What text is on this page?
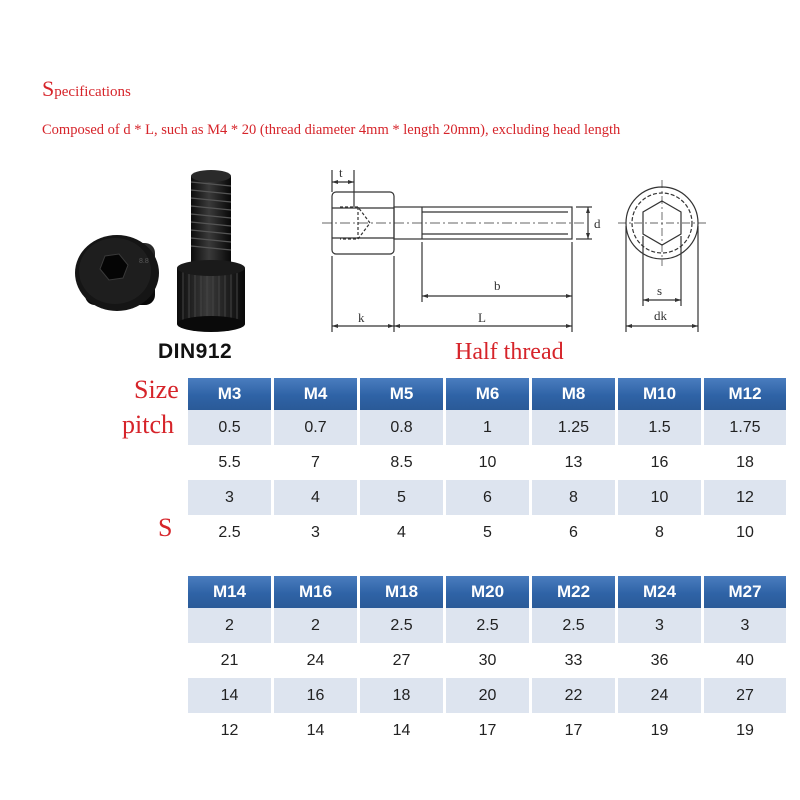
Specifications
Composed of d * L, such as M4 * 20 (thread diameter 4mm * length 20mm), excluding head length
8.8
DIN912
t
d
b
k	L
s
dk
Half thread
Size
pitch
S
M3	M4	M5	M6	M8	M10	M12
0.5	0.7	0.8	1	1.25	1.5	1.75
5.5	7	8.5	10	13	16	18
3	4	5	6	8	10	12
2.5	3	4	5	6	8	10
M14	M16	M18	M20	M22	M24	M27
2	2	2.5	2.5	2.5	3	3
21	24	27	30	33	36	40
14	16	18	20	22	24	27
12	14	14	17	17	19	19
